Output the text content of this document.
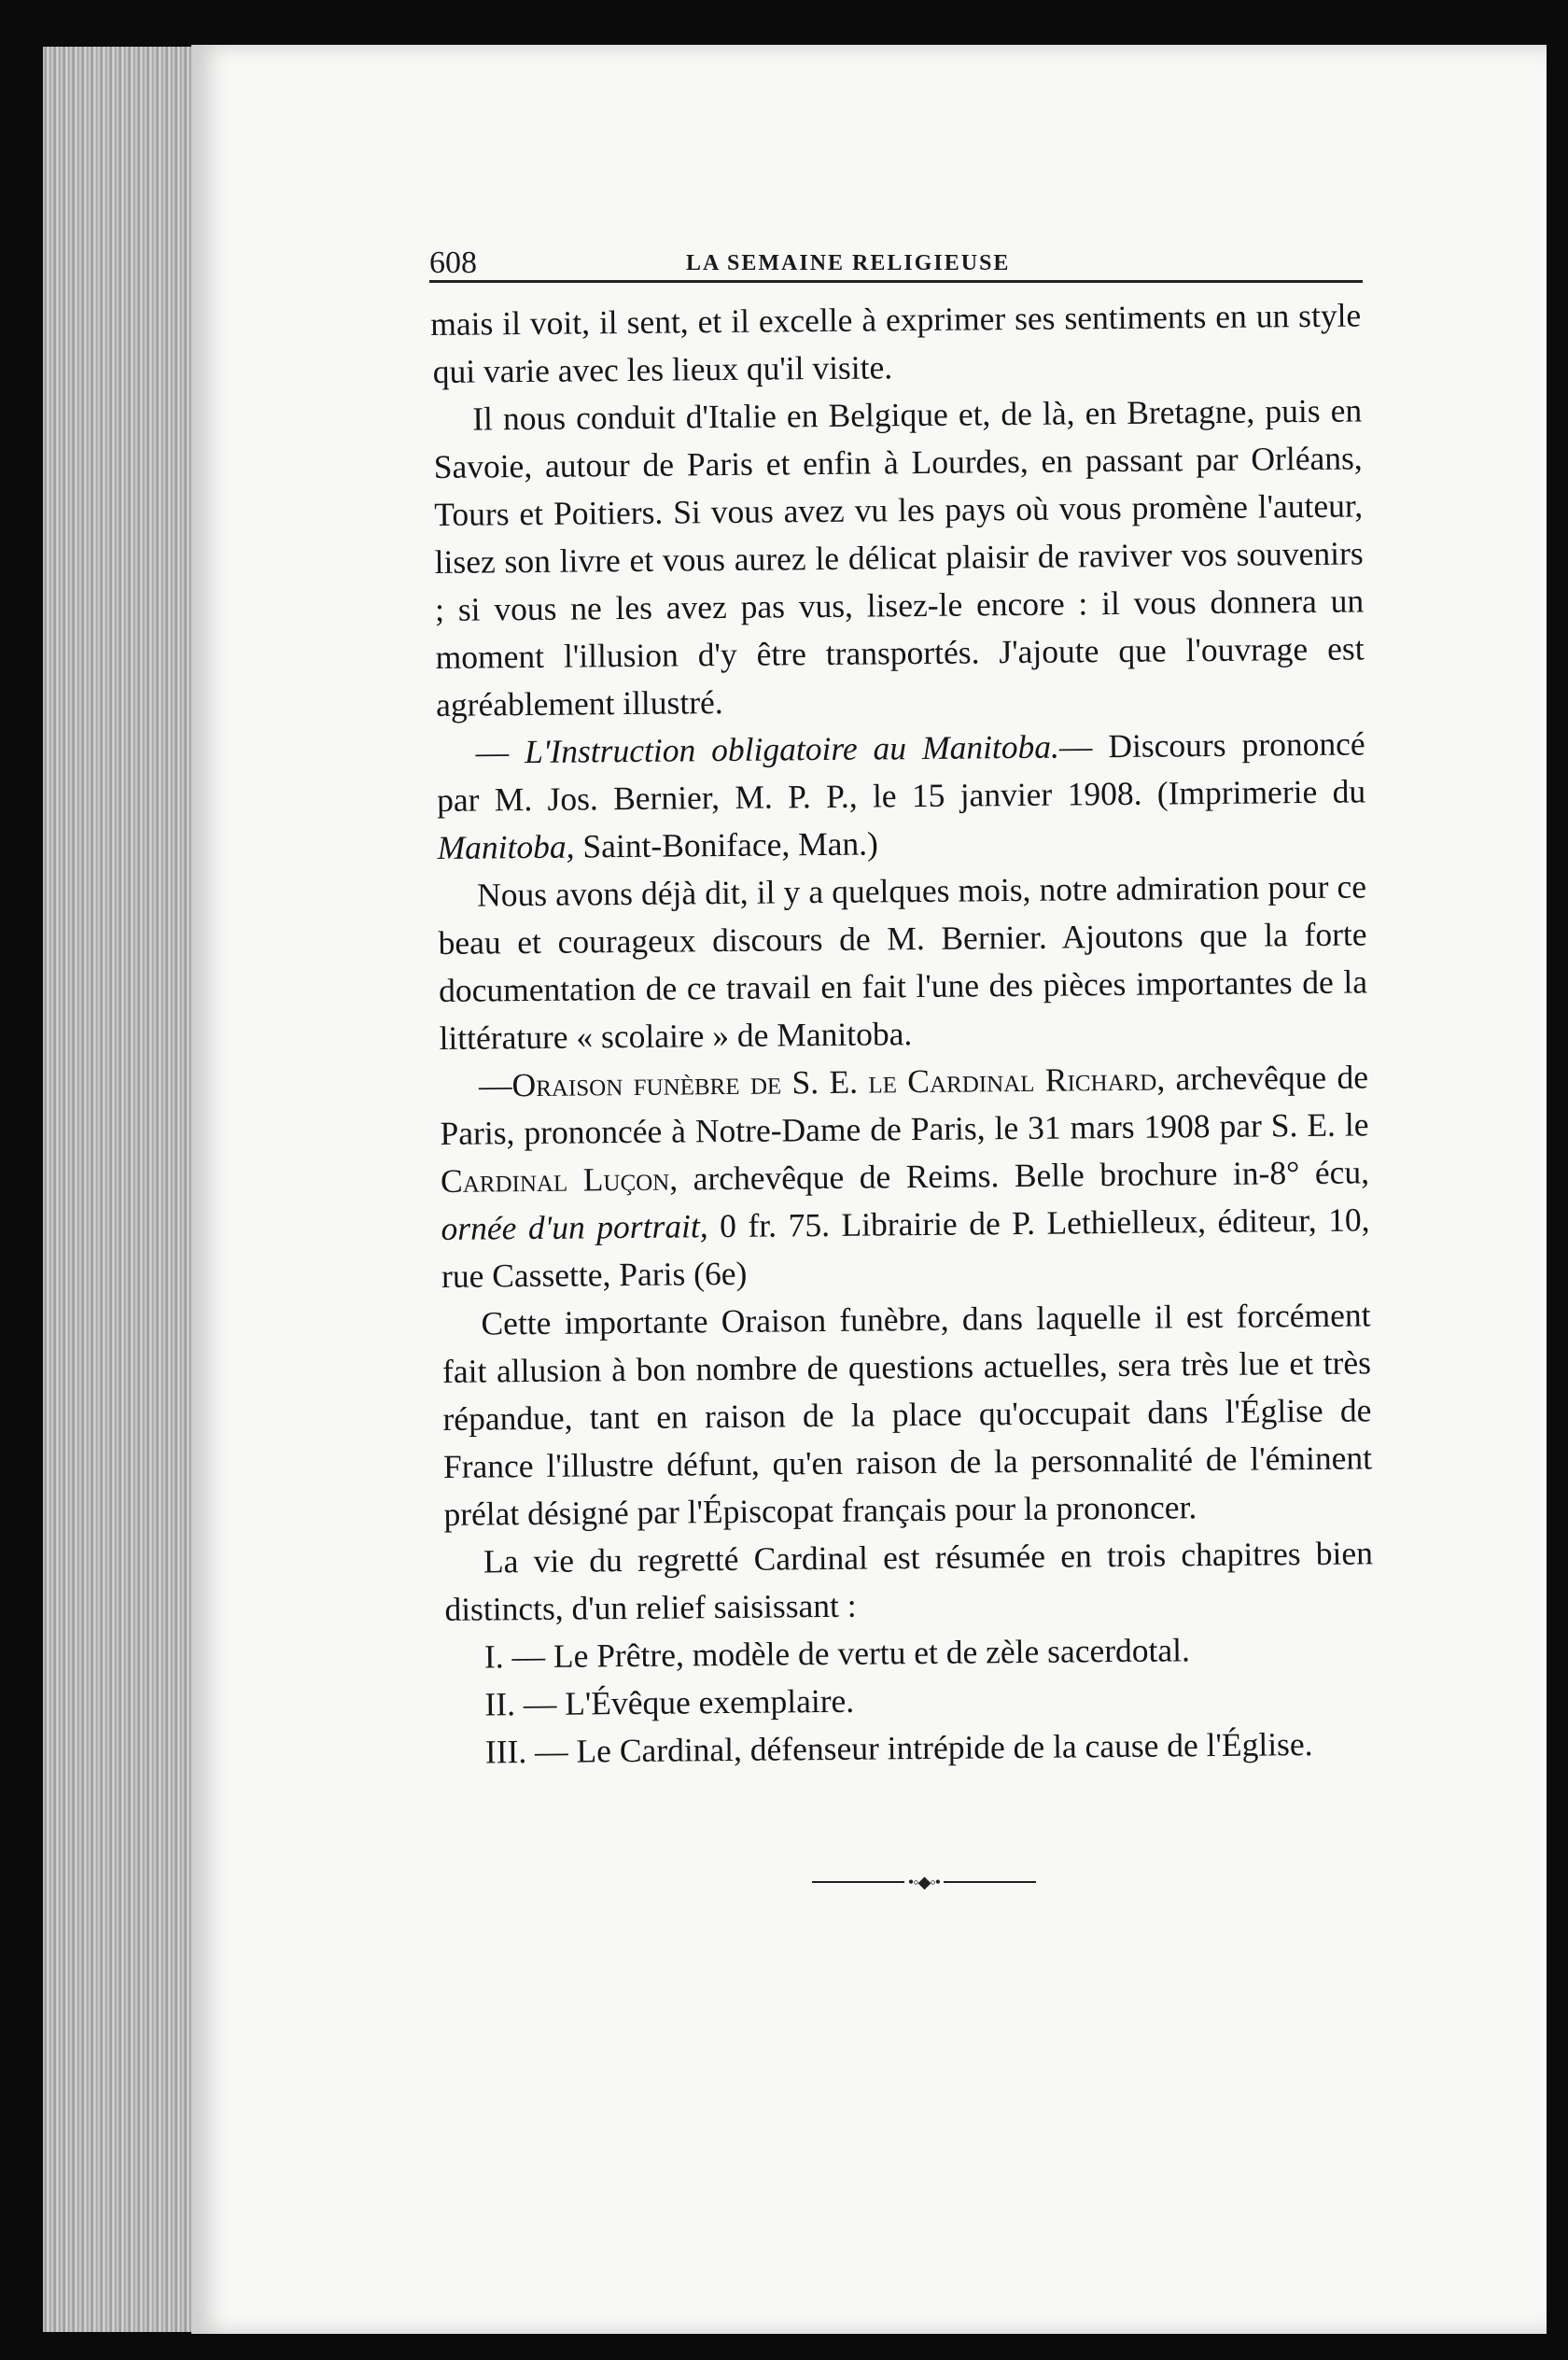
608	LA SEMAINE RELIGIEUSE

mais il voit, il sent, et il excelle à exprimer ses sentiments en un style qui varie avec les lieux qu'il visite.

Il nous conduit d'Italie en Belgique et, de là, en Bretagne, puis en Savoie, autour de Paris et enfin à Lourdes, en passant par Orléans, Tours et Poitiers. Si vous avez vu les pays où vous promène l'auteur, lisez son livre et vous aurez le délicat plaisir de raviver vos souvenirs ; si vous ne les avez pas vus, lisez-le encore : il vous donnera un moment l'illusion d'y être transportés. J'ajoute que l'ouvrage est agréablement illustré.

— L'Instruction obligatoire au Manitoba.— Discours prononcé par M. Jos. Bernier, M. P. P., le 15 janvier 1908. (Imprimerie du Manitoba, Saint-Boniface, Man.)

Nous avons déjà dit, il y a quelques mois, notre admiration pour ce beau et courageux discours de M. Bernier. Ajoutons que la forte documentation de ce travail en fait l'une des pièces importantes de la littérature « scolaire » de Manitoba.

—Oraison funèbre de S. E. le Cardinal Richard, archevêque de Paris, prononcée à Notre-Dame de Paris, le 31 mars 1908 par S. E. le Cardinal Luçon, archevêque de Reims. Belle brochure in-8° écu, ornée d'un portrait, 0 fr. 75. Librairie de P. Lethielleux, éditeur, 10, rue Cassette, Paris (6e)

Cette importante Oraison funèbre, dans laquelle il est forcément fait allusion à bon nombre de questions actuelles, sera très lue et très répandue, tant en raison de la place qu'occupait dans l'Église de France l'illustre défunt, qu'en raison de la personnalité de l'éminent prélat désigné par l'Épiscopat français pour la prononcer.

La vie du regretté Cardinal est résumée en trois chapitres bien distincts, d'un relief saisissant :

I. — Le Prêtre, modèle de vertu et de zèle sacerdotal.

II. — L'Évêque exemplaire.

III. — Le Cardinal, défenseur intrépide de la cause de l'Église.

•◦◆◦•
